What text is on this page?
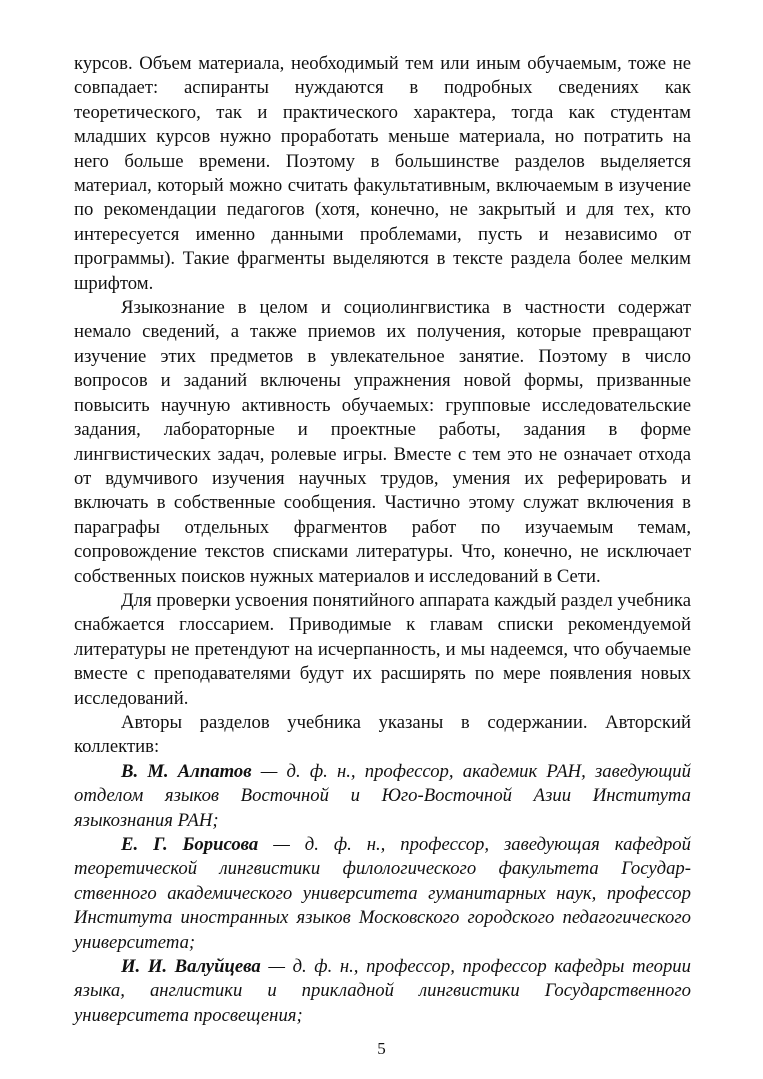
курсов. Объем материала, необходимый тем или иным обучаемым, тоже не совпадает: аспиранты нуждаются в подробных сведениях как теоретического, так и практического характера, тогда как студентам младших курсов нужно проработать меньше материала, но потратить на него больше времени. Поэтому в большинстве разделов выделяется материал, который можно считать факультативным, включаемым в изучение по рекомендации педагогов (хотя, конечно, не закрытый и для тех, кто интересуется именно данными проблемами, пусть и независимо от программы). Такие фрагменты выделяются в тексте раздела более мелким шрифтом.

Языкознание в целом и социолингвистика в частности содержат немало сведений, а также приемов их получения, которые превращают изучение этих предметов в увлекательное занятие. Поэтому в число вопросов и заданий включены упражнения новой формы, призванные повысить научную активность обучаемых: групповые исследовательские задания, лабораторные и проектные работы, задания в форме лингвистических задач, ролевые игры. Вместе с тем это не означает отхода от вдумчивого изучения научных трудов, умения их реферировать и включать в собственные сообщения. Частично этому служат включения в параграфы отдельных фрагментов работ по изучаемым темам, сопровождение текстов списками литературы. Что, конечно, не исключает собственных поисков нужных материалов и исследований в Сети.

Для проверки усвоения понятийного аппарата каждый раздел учебника снабжается глоссарием. Приводимые к главам списки рекомендуемой литературы не претендуют на исчерпанность, и мы надеемся, что обучаемые вместе с преподавателями будут их расширять по мере появления новых исследований.

Авторы разделов учебника указаны в содержании. Авторский коллектив:

В. М. Алпатов — д. ф. н., профессор, академик РАН, заведующий отделом языков Восточной и Юго-Восточной Азии Института языкознания РАН;

Е. Г. Борисова — д. ф. н., профессор, заведующая кафедрой теоретической лингвистики филологического факультета Государственного академического университета гуманитарных наук, профессор Института иностранных языков Московского городского педагогического университета;

И. И. Валуйцева — д. ф. н., профессор, профессор кафедры теории языка, англистики и прикладной лингвистики Государственного университета просвещения;

5
